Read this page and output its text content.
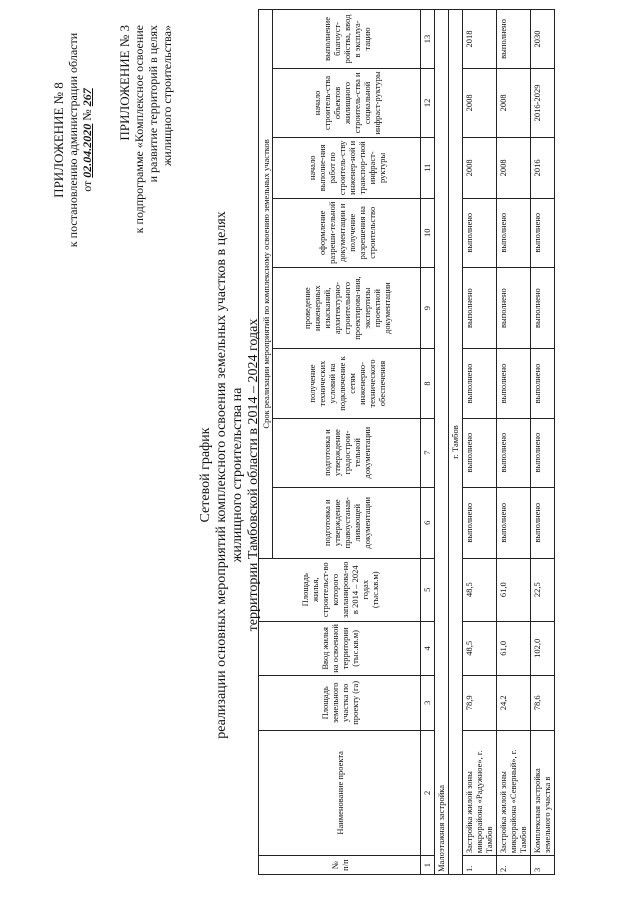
ПРИЛОЖЕНИЕ № 8 к постановлению администрации области от 02.04.2020 № 267 ПРИЛОЖЕНИЕ № 3 к подпрограмме «Комплексное освоение и развитие территорий в целях жилищного строительства»
Сетевой график реализации основных мероприятий комплексного освоения земельных участков в целях жилищного строительства на территории Тамбовской области в 2014 – 2024 годах
№ п/п	Наименование проекта	Площадь земельного участка по проекту (га)	Ввод жилья на освоенной территории (тыс.кв.м)	Площадь жилья, строительст-во которого запланирова-но в 2014 – 2024 годах (тыс.кв.м)	Срок реализации мероприятий по комплексному освоению земельных участков							
					подготовка и утверждение правоустанав-ливающей документации	подготовка и утверждение градострои-тельной документации	получение технических условий на подключение к сетям инженерно-технического обеспечения	проведение инженерных изысканий, архитектурно-строительного проектирова-ния, экспертизы проектной документации	оформление разреши-тельной документации и получение разрешения на строительство	начало выполне-ния работ по строитель-ству инженер-ной и транспор-тной инфраст-руктуры	начало строитель-ства объектов жилищного строитель-ства и социальной инфраст-руктуры	выполнение благоуст-ройства, ввод в эксплуа-тацию
1	2	3	4	5	6	7	8	9	10	11	12	13
Малоэтажная застройка												
г. Тамбов												
1.	Застройка жилой зоны микрорайона «Радужное», г. Тамбов	78,9	48,5	48,5	выполнено	выполнено	выполнено	выполнено	выполнено	2008	2008	2018
2.	Застройка жилой зоны микрорайона «Северный», г. Тамбов	24,2	61,0	61,0	выполнено	выполнено	выполнено	выполнено	выполнено	2008	2008	выполнено
3	Комплексная застройка земельного участка в	78,6	102,0	22,5	выполнено	выполнено	выполнено	выполнено	выполнено	2016	2016-2029	2030
